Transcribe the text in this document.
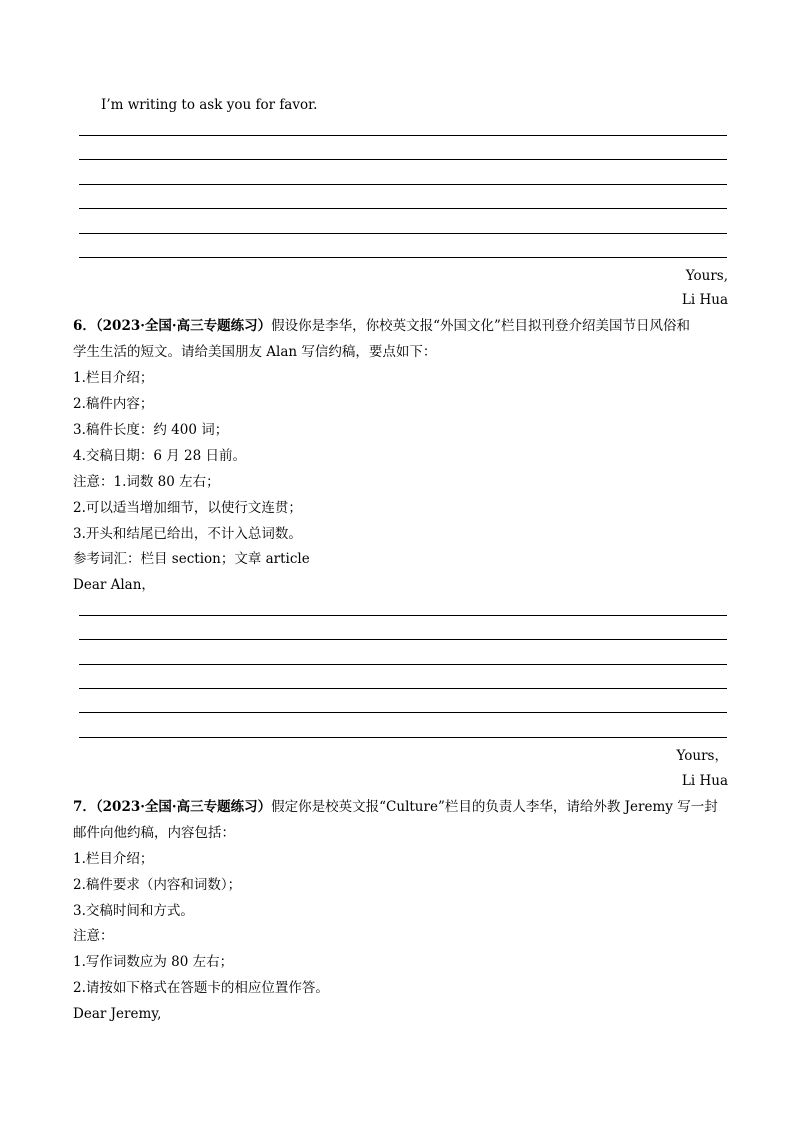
I’m writing to ask you for favor.
Yours,
Li Hua
6．（2023·全国·高三专题练习）假设你是李华，你校英文报“外国文化”栏目拟刊登介绍美国节日风俗和
学生生活的短文。请给美国朋友 Alan 写信约稿，要点如下：
1.栏目介绍；
2.稿件内容；
3.稿件长度：约 400 词；
4.交稿日期：6 月 28 日前。
注意：1.词数 80 左右；
2.可以适当增加细节，以使行文连贯；
3.开头和结尾已给出，不计入总词数。
参考词汇：栏目 section；文章 article
Dear Alan，
Yours，
Li Hua
7．（2023·全国·高三专题练习）假定你是校英文报“Culture”栏目的负责人李华，请给外教 Jeremy 写一封
邮件向他约稿，内容包括：
1.栏目介绍；
2.稿件要求（内容和词数）；
3.交稿时间和方式。
注意：
1.写作词数应为 80 左右；
2.请按如下格式在答题卡的相应位置作答。
Dear Jeremy,
